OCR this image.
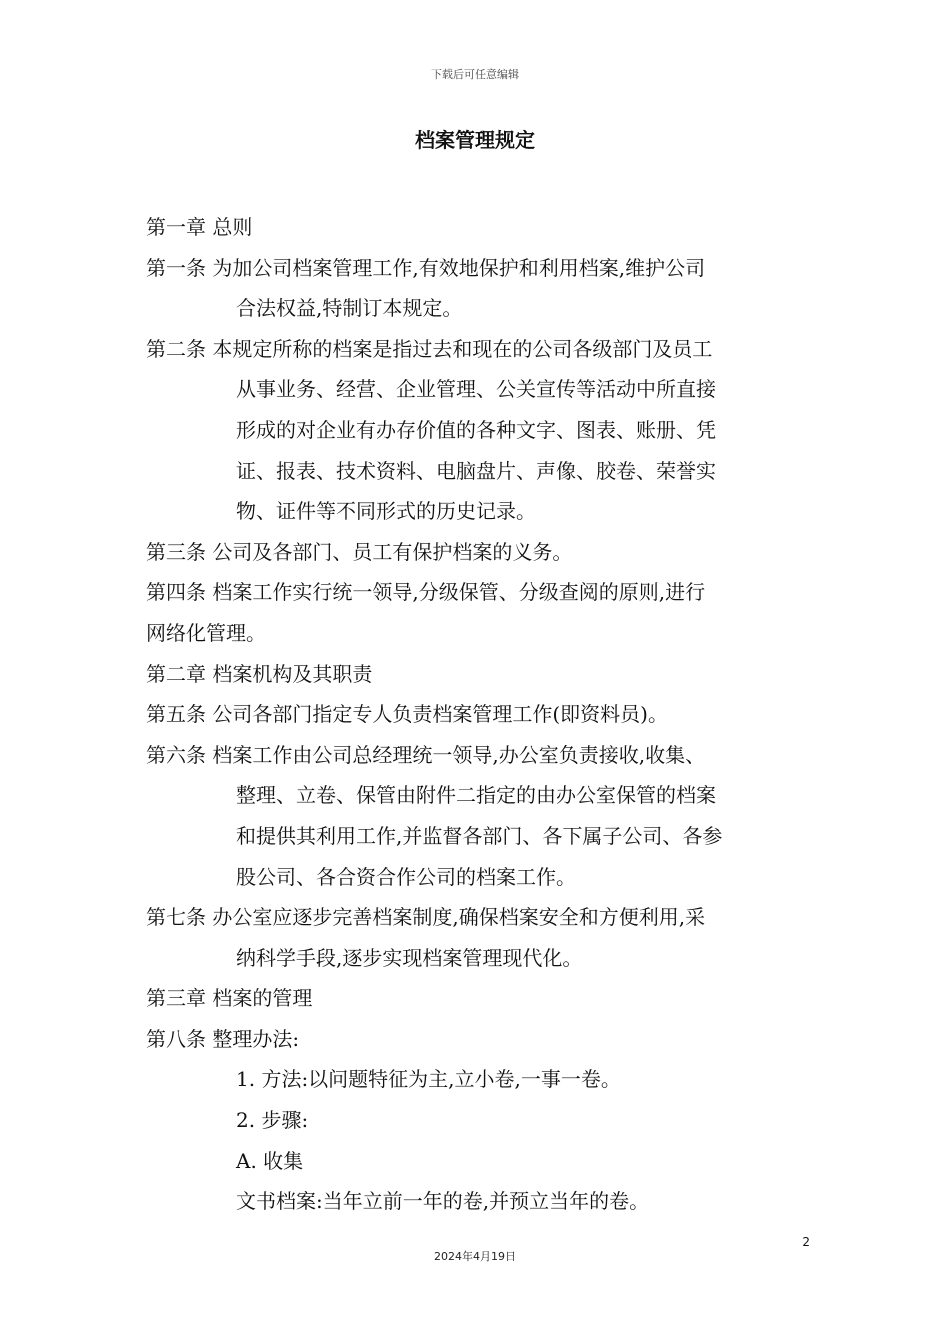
下载后可任意编辑
档案管理规定
第一章 总则
第一条 为加公司档案管理工作,有效地保护和利用档案,维护公司
合法权益,特制订本规定。
第二条 本规定所称的档案是指过去和现在的公司各级部门及员工
从事业务、经营、企业管理、公关宣传等活动中所直接
形成的对企业有办存价值的各种文字、图表、账册、凭
证、报表、技术资料、电脑盘片、声像、胶卷、荣誉实
物、证件等不同形式的历史记录。
第三条 公司及各部门、员工有保护档案的义务。
第四条 档案工作实行统一领导,分级保管、分级查阅的原则,进行
网络化管理。
第二章 档案机构及其职责
第五条 公司各部门指定专人负责档案管理工作(即资料员)。
第六条 档案工作由公司总经理统一领导,办公室负责接收,收集、
整理、立卷、保管由附件二指定的由办公室保管的档案
和提供其利用工作,并监督各部门、各下属子公司、各参
股公司、各合资合作公司的档案工作。
第七条 办公室应逐步完善档案制度,确保档案安全和方便利用,采
纳科学手段,逐步实现档案管理现代化。
第三章 档案的管理
第八条 整理办法:
1. 方法:以问题特征为主,立小卷,一事一卷。
2. 步骤:
A. 收集
文书档案:当年立前一年的卷,并预立当年的卷。
2
2024年4月19日
